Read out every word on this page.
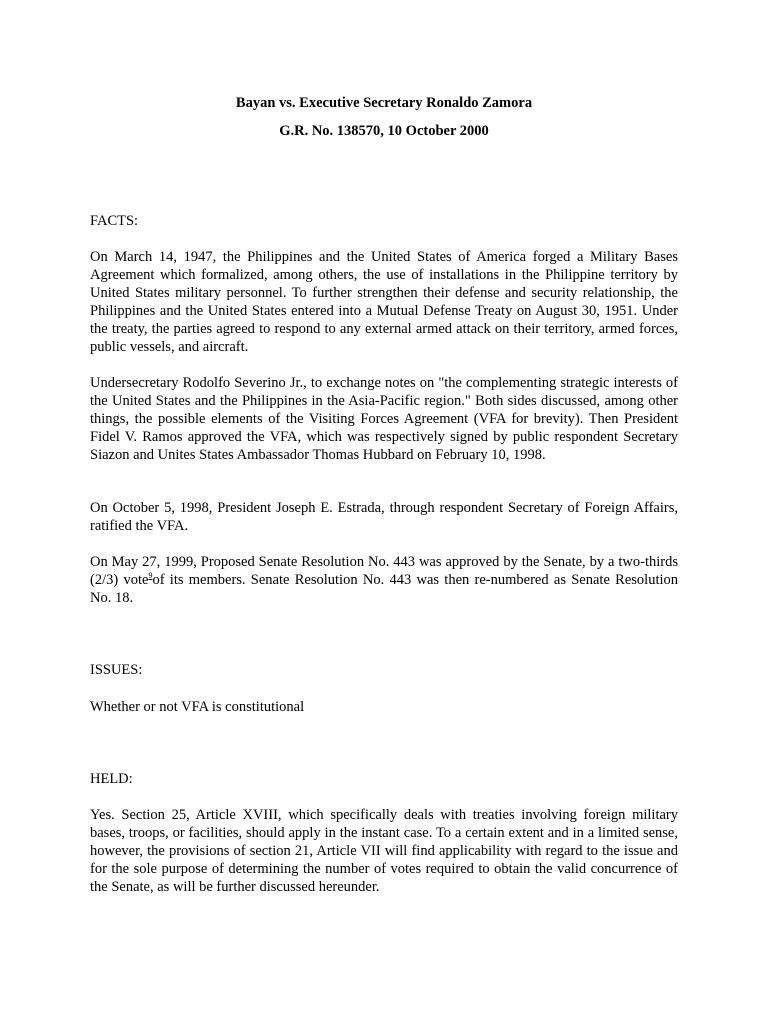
Bayan vs. Executive Secretary Ronaldo Zamora
G.R. No. 138570, 10 October 2000
FACTS:
On March 14, 1947, the Philippines and the United States of America forged a Military Bases Agreement which formalized, among others, the use of installations in the Philippine territory by United States military personnel. To further strengthen their defense and security relationship, the Philippines and the United States entered into a Mutual Defense Treaty on August 30, 1951. Under the treaty, the parties agreed to respond to any external armed attack on their territory, armed forces, public vessels, and aircraft.
Undersecretary Rodolfo Severino Jr., to exchange notes on "the complementing strategic interests of the United States and the Philippines in the Asia-Pacific region." Both sides discussed, among other things, the possible elements of the Visiting Forces Agreement (VFA for brevity). Then President Fidel V. Ramos approved the VFA, which was respectively signed by public respondent Secretary Siazon and Unites States Ambassador Thomas Hubbard on February 10, 1998.
On October 5, 1998, President Joseph E. Estrada, through respondent Secretary of Foreign Affairs, ratified the VFA.
On May 27, 1999, Proposed Senate Resolution No. 443 was approved by the Senate, by a two-thirds (2/3) vote$^9$of its members. Senate Resolution No. 443 was then re-numbered as Senate Resolution No. 18.
ISSUES:
Whether or not VFA is constitutional
HELD:
Yes. Section 25, Article XVIII, which specifically deals with treaties involving foreign military bases, troops, or facilities, should apply in the instant case. To a certain extent and in a limited sense, however, the provisions of section 21, Article VII will find applicability with regard to the issue and for the sole purpose of determining the number of votes required to obtain the valid concurrence of the Senate, as will be further discussed hereunder.
